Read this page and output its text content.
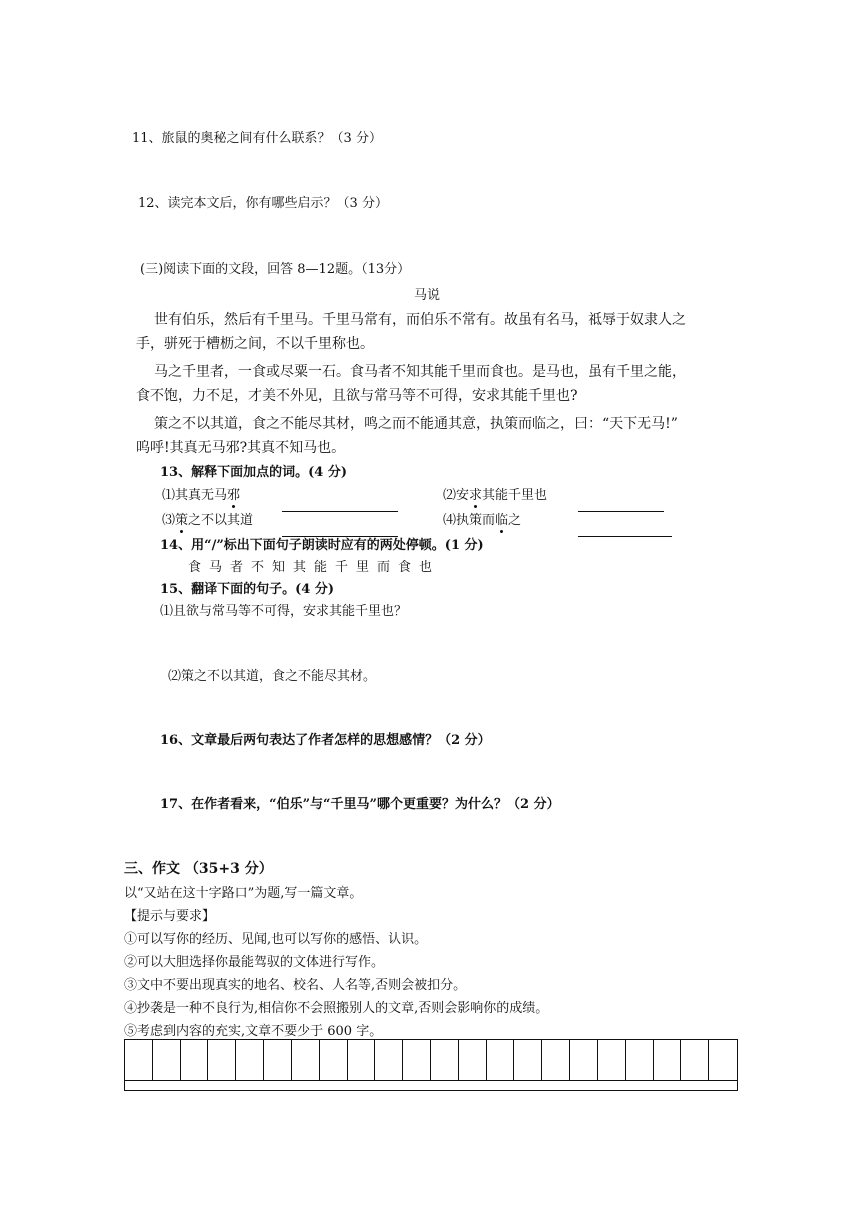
11、旅鼠的奥秘之间有什么联系？（3 分）
12、读完本文后，你有哪些启示？（3 分）
(三)阅读下面的文段，回答 8—12题。（13分）
马说
世有伯乐，然后有千里马。千里马常有，而伯乐不常有。故虽有名马，祗辱于奴隶人之
手，骈死于槽枥之间，不以千里称也。
马之千里者，一食或尽粟一石。食马者不知其能千里而食也。是马也，虽有千里之能，
食不饱，力不足，才美不外见，且欲与常马等不可得，安求其能千里也?
策之不以其道，食之不能尽其材，鸣之而不能通其意，执策而临之，曰：“天下无马!”
呜呼!其真无马邪?其真不知马也。
13、解释下面加点的词。(4 分)
⑴其真无马邪	⑵安求其能千里也
⑶策之不以其道	⑷执策而临之
14、用“/”标出下面句子朗读时应有的两处停顿。(1 分)
食马者不知其能千里而食也
15、翻译下面的句子。(4 分)
⑴且欲与常马等不可得，安求其能千里也？
⑵策之不以其道，食之不能尽其材。
16、文章最后两句表达了作者怎样的思想感情？（2 分）
17、在作者看来，“伯乐”与“千里马”哪个更重要？为什么？（2 分）
三、作文 （35+3 分）
以“又站在这十字路口”为题,写一篇文章。
【提示与要求】
①可以写你的经历、见闻,也可以写你的感悟、认识。
②可以大胆选择你最能驾驭的文体进行写作。
③文中不要出现真实的地名、校名、人名等,否则会被扣分。
④抄袭是一种不良行为,相信你不会照搬别人的文章,否则会影响你的成绩。
⑤考虑到内容的充实,文章不要少于 600 字。
